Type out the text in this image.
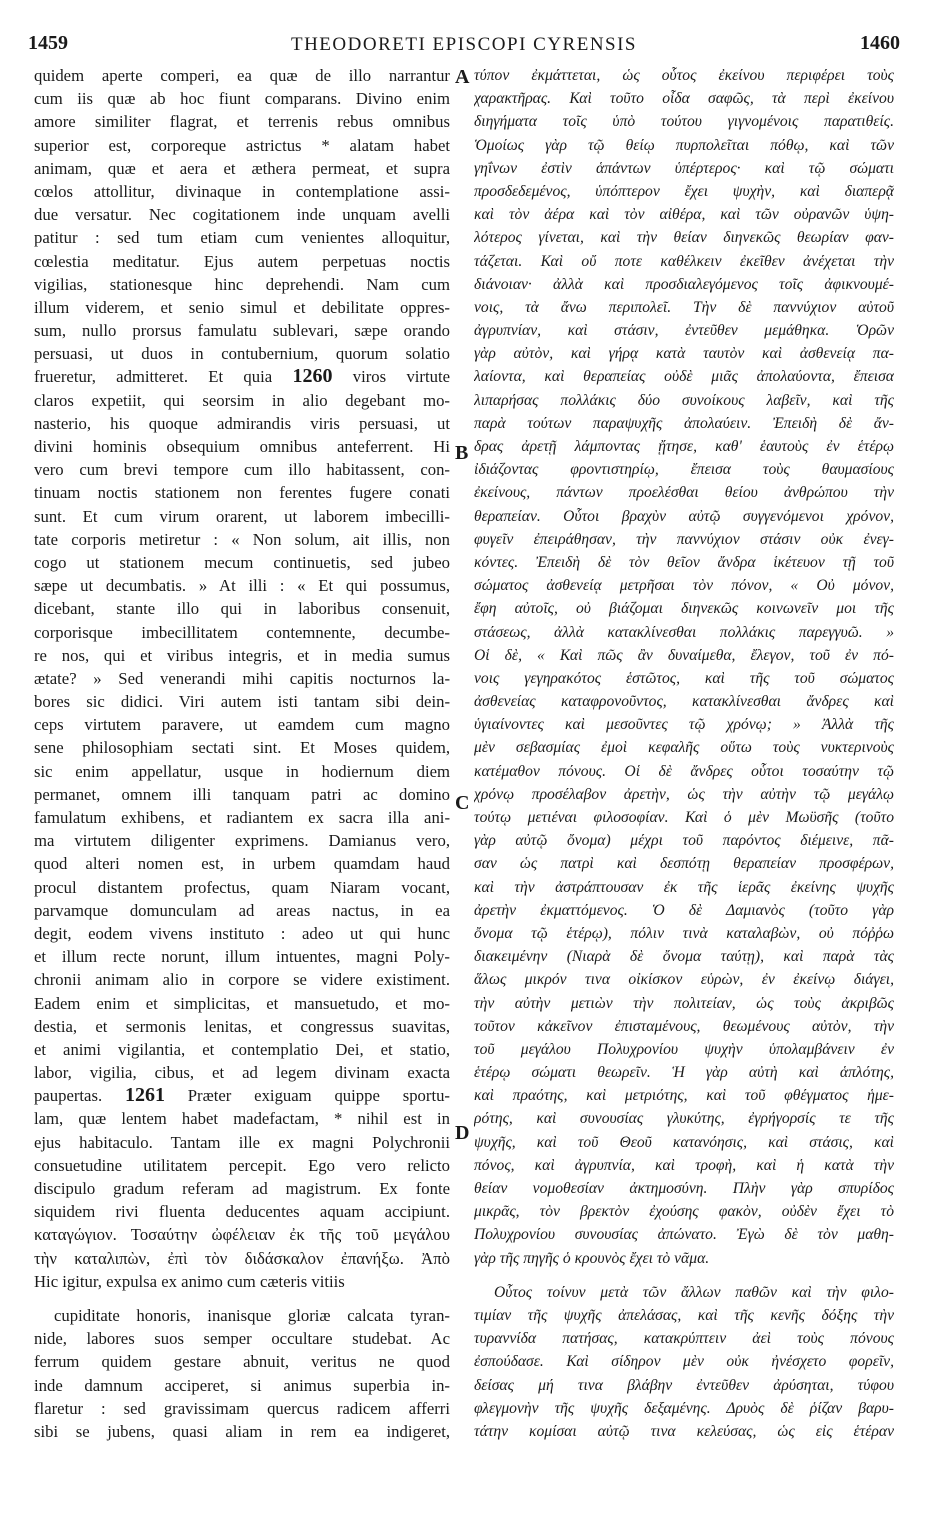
1459	THEODORETI EPISCOPI CYRENSIS	1460
quidem aperte comperi, ea quæ de illo narrantur
cum iis quæ ab hoc fiunt comparans. Divino enim
amore similiter flagrat, et terrenis rebus omnibus
superior est, corporeque astrictus * alatam habet
animam, quæ et aera et æthera permeat, et supra
cœlos attollitur, divinaque in contemplatione assi-
due versatur. Nec cogitationem inde unquam avelli
patitur : sed tum etiam cum venientes alloquitur,
cœlestia meditatur. Ejus autem perpetuas noctis
vigilias, stationesque hinc deprehendi. Nam cum
illum viderem, et senio simul et debilitate oppres-
sum, nullo prorsus famulatu sublevari, sæpe orando
persuasi, ut duos in contubernium, quorum solatio
frueretur, admitteret. Et quia 1260 viros virtute
claros expetiit, qui seorsim in alio degebant mo-
nasterio, his quoque admirandis viris persuasi, ut
divini hominis obsequium omnibus anteferrent. Hi
vero cum brevi tempore cum illo habitassent, con-
tinuam noctis stationem non ferentes fugere conati
sunt. Et cum virum orarent, ut laborem imbecilli-
tate corporis metiretur : « Non solum, ait illis, non
cogo ut stationem mecum continuetis, sed jubeo
sæpe ut decumbatis. » At illi : « Et qui possumus,
dicebant, stante illo qui in laboribus consenuit,
corporisque imbecillitatem contemnente, decumbe-
re nos, qui et viribus integris, et in media sumus
ætate? » Sed venerandi mihi capitis nocturnos la-
bores sic didici. Viri autem isti tantam sibi dein-
ceps virtutem paravere, ut eamdem cum magno
sene philosophiam sectati sint. Et Moses quidem,
sic enim appellatur, usque in hodiernum diem
permanet, omnem illi tanquam patri ac domino
famulatum exhibens, et radiantem ex sacra illa ani-
ma virtutem diligenter exprimens. Damianus vero,
quod alteri nomen est, in urbem quamdam haud
procul distantem profectus, quam Niaram vocant,
parvamque domunculam ad areas nactus, in ea
degit, eodem vivens instituto : adeo ut qui hunc
et illum recte norunt, illum intuentes, magni Poly-
chronii animam alio in corpore se videre existiment.
Eadem enim et simplicitas, et mansuetudo, et mo-
destia, et sermonis lenitas, et congressus suavitas,
et animi vigilantia, et contemplatio Dei, et statio,
labor, vigilia, cibus, et ad legem divinam exacta
paupertas. 1261 Præter exiguam quippe sportu-
lam, quæ lentem habet madefactam, * nihil est in
ejus habitaculo. Tantam ille ex magni Polychronii
consuetudine utilitatem percepit. Ego vero relicto
discipulo gradum referam ad magistrum. Ex fonte
siquidem rivi fluenta deducentes aquam accipiunt.
καταγώγιον. Τοσαύτην ὠφέλειαν ἐκ τῆς τοῦ μεγάλου
τὴν καταλιπὼν, ἐπὶ τὸν διδάσκαλον ἐπανήξω. Ἀπὸ
Hic igitur, expulsa ex animo cum cæteris vitiis
cupiditate honoris, inanisque gloriæ calcata tyran-
nide, labores suos semper occultare studebat. Ac
ferrum quidem gestare abnuit, veritus ne quod
inde damnum acciperet, si animus superbia in-
flaretur : sed gravissimam quercus radicem afferri
sibi se jubens, quasi aliam in rem ea indigeret,
τύπον ἐκμάττεται, ὡς οὗτος ἐκείνου περιφέρει τοὺς
χαρακτῆρας. Καὶ τοῦτο οἶδα σαφῶς, τὰ περὶ ἐκείνου
διηγήματα τοῖς ὑπὸ τούτου γιγνομένοις παρατιθείς.
Ὁμοίως γὰρ τῷ θείῳ πυρπολεῖται πόθῳ, καὶ τῶν
γηΐνων ἐστὶν ἁπάντων ὑπέρτερος· καὶ τῷ σώματι
προσδεδεμένος, ὑπόπτερον ἔχει ψυχὴν, καὶ διαπερᾷ
καὶ τὸν ἀέρα καὶ τὸν αἰθέρα, καὶ τῶν οὐρανῶν ὑψη-
λότερος γίνεται, καὶ τὴν θείαν διηνεκῶς θεωρίαν φαν-
τάζεται. Καὶ οὔ ποτε καθέλκειν ἐκεῖθεν ἀνέχεται τὴν
διάνοιαν· ἀλλὰ καὶ προσδιαλεγόμενος τοῖς ἀφικνουμέ-
νοις, τὰ ἄνω περιπολεῖ. Τὴν δὲ παννύχιον αὐτοῦ
ἀγρυπνίαν, καὶ στάσιν, ἐντεῦθεν μεμάθηκα. Ὁρῶν
γὰρ αὐτὸν, καὶ γήρᾳ κατὰ ταυτὸν καὶ ἀσθενείᾳ πα-
λαίοντα, καὶ θεραπείας οὐδὲ μιᾶς ἀπολαύοντα, ἔπεισα
λιπαρήσας πολλάκις δύο συνοίκους λαβεῖν, καὶ τῆς
παρὰ τούτων παραψυχῆς ἀπολαύειν. Ἐπειδὴ δὲ ἄν-
δρας ἀρετῇ λάμποντας ᾔτησε, καθ' ἑαυτοὺς ἐν ἑτέρῳ
ἰδιάζοντας φροντιστηρίῳ, ἔπεισα τοὺς θαυμασίους
ἐκείνους, πάντων προελέσθαι θείου ἀνθρώπου τὴν
θεραπείαν. Οὗτοι βραχὺν αὐτῷ συγγενόμενοι χρόνον,
φυγεῖν ἐπειράθησαν, τὴν παννύχιον στάσιν οὐκ ἐνεγ-
κόντες. Ἐπειδὴ δὲ τὸν θεῖον ἄνδρα ἱκέτευον τῇ τοῦ
σώματος ἀσθενείᾳ μετρῆσαι τὸν πόνον, « Οὐ μόνον,
ἔφη αὐτοῖς, οὐ βιάζομαι διηνεκῶς κοινωνεῖν μοι τῆς
στάσεως, ἀλλὰ κατακλίνεσθαι πολλάκις παρεγγυῶ. »
Οἱ δὲ, « Καὶ πῶς ἂν δυναίμεθα, ἔλεγον, τοῦ ἐν πό-
νοις γεγηρακότος ἑστῶτος, καὶ τῆς τοῦ σώματος
ἀσθενείας καταφρονοῦντος, κατακλίνεσθαι ἄνδρες καὶ
ὑγιαίνοντες καὶ μεσοῦντες τῷ χρόνῳ; » Ἀλλὰ τῆς
μὲν σεβασμίας ἐμοὶ κεφαλῆς οὕτω τοὺς νυκτερινοὺς
κατέμαθον πόνους. Οἱ δὲ ἄνδρες οὗτοι τοσαύτην τῷ
χρόνῳ προσέλαβον ἀρετὴν, ὡς τὴν αὐτὴν τῷ μεγάλῳ
τούτῳ μετιέναι φιλοσοφίαν. Καὶ ὁ μὲν Μωϋσῆς (τοῦτο
γὰρ αὐτῷ ὄνομα) μέχρι τοῦ παρόντος διέμεινε, πᾶ-
σαν ὡς πατρὶ καὶ δεσπότῃ θεραπείαν προσφέρων,
καὶ τὴν ἀστράπτουσαν ἐκ τῆς ἱερᾶς ἐκείνης ψυχῆς
ἀρετὴν ἐκματτόμενος. Ὁ δὲ Δαμιανὸς (τοῦτο γὰρ
ὄνομα τῷ ἑτέρῳ), πόλιν τινὰ καταλαβὼν, οὐ πόῤῥω
διακειμένην (Νιαρὰ δὲ ὄνομα ταύτῃ), καὶ παρὰ τὰς
ἅλως μικρόν τινα οἰκίσκον εὑρὼν, ἐν ἐκείνῳ διάγει,
τὴν αὐτὴν μετιὼν τὴν πολιτείαν, ὡς τοὺς ἀκριβῶς
τοῦτον κἀκεῖνον ἐπισταμένους, θεωμένους αὐτὸν, τὴν
τοῦ μεγάλου Πολυχρονίου ψυχὴν ὑπολαμβάνειν ἐν
ἑτέρῳ σώματι θεωρεῖν. Ἡ γὰρ αὐτὴ καὶ ἁπλότης,
καὶ πραότης, καὶ μετριότης, καὶ τοῦ φθέγματος ἡμε-
ρότης, καὶ συνουσίας γλυκύτης, ἐγρήγορσίς τε τῆς
ψυχῆς, καὶ τοῦ Θεοῦ κατανόησις, καὶ στάσις, καὶ
πόνος, καὶ ἀγρυπνία, καὶ τροφὴ, καὶ ἡ κατὰ τὴν
θείαν νομοθεσίαν ἀκτημοσύνη. Πλὴν γὰρ σπυρίδος
μικρᾶς, τὸν βρεκτὸν ἐχούσης φακὸν, οὐδὲν ἔχει τὸ
Πολυχρονίου συνουσίας ἀπώνατο. Ἐγὼ δὲ τὸν μαθη-
γὰρ τῆς πηγῆς ὁ κρουνὸς ἔχει τὸ νᾶμα.
Οὗτος τοίνυν μετὰ τῶν ἄλλων παθῶν καὶ τὴν φιλο-
τιμίαν τῆς ψυχῆς ἀπελάσας, καὶ τῆς κενῆς δόξης τὴν
τυραννίδα πατήσας, κατακρύπτειν ἀεὶ τοὺς πόνους
ἐσπούδασε. Καὶ σίδηρον μὲν οὐκ ἠνέσχετο φορεῖν,
δείσας μή τινα βλάβην ἐντεῦθεν ἀρύσηται, τύφου
φλεγμονὴν τῆς ψυχῆς δεξαμένης. Δρυὸς δὲ ῥίζαν βαρυ-
τάτην κομίσαι αὐτῷ τινα κελεύσας, ὡς εἰς ἑτέραν
A
B
C
D
